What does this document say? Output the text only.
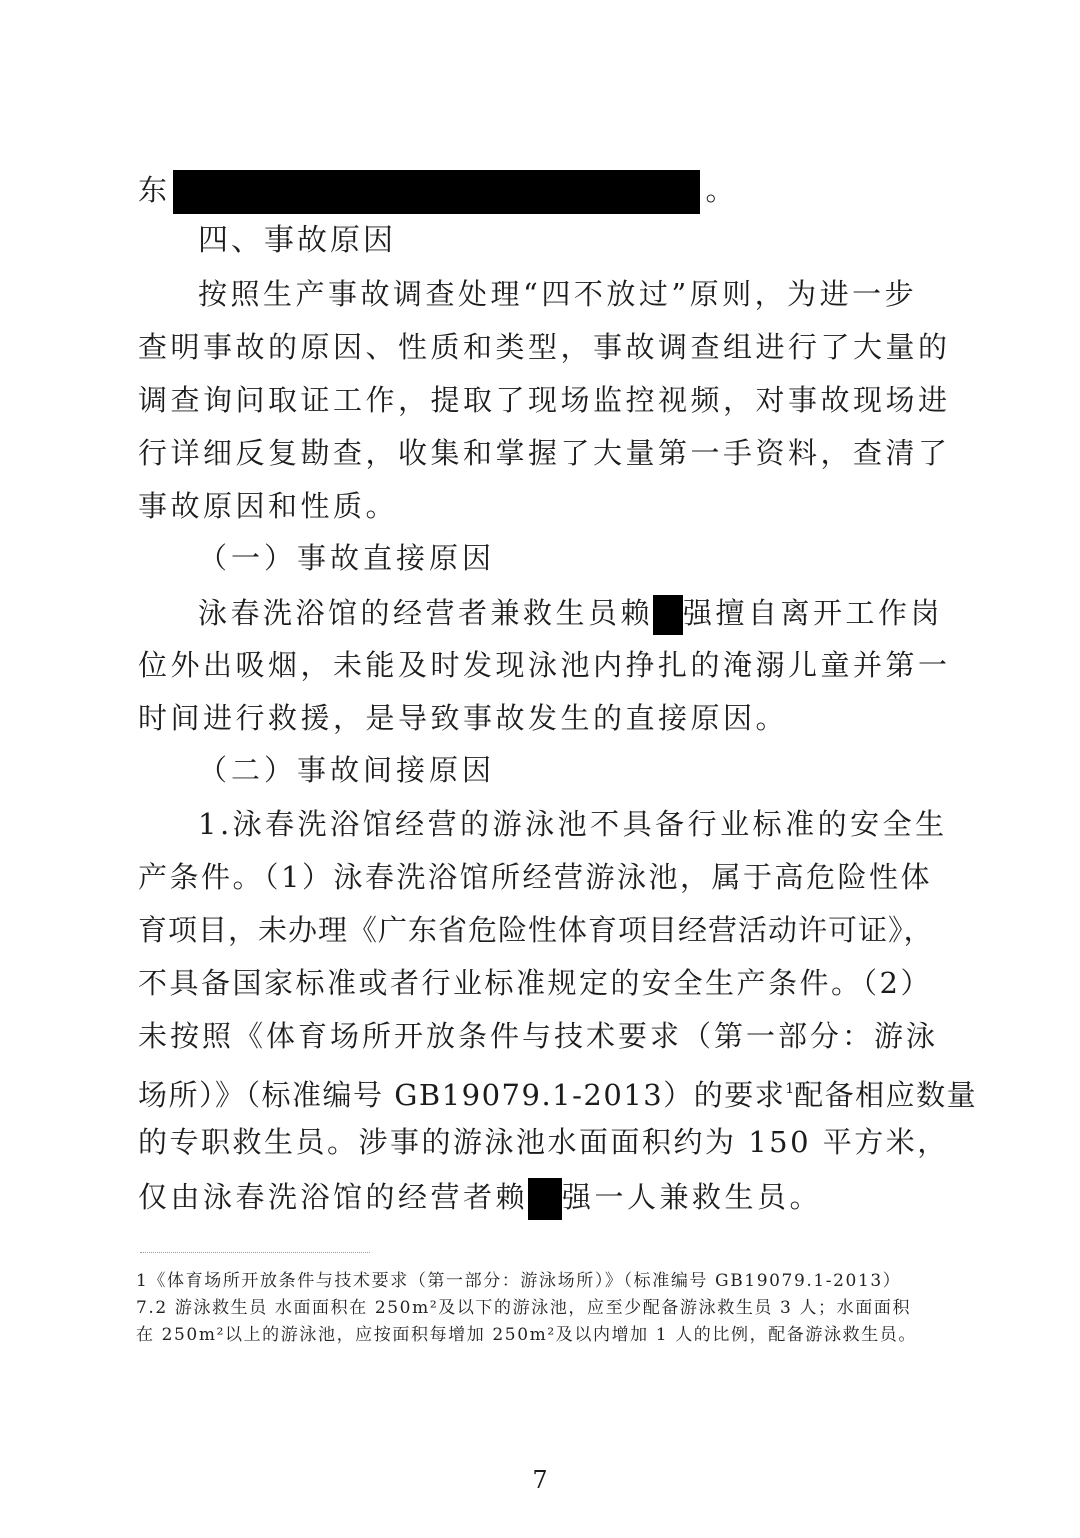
东	。
四、事故原因
按照生产事故调查处理“四不放过”原则，为进一步
查明事故的原因、性质和类型，事故调查组进行了大量的
调查询问取证工作，提取了现场监控视频，对事故现场进
行详细反复勘查，收集和掌握了大量第一手资料，查清了
事故原因和性质。
（一）事故直接原因
泳春洗浴馆的经营者兼救生员赖 强擅自离开工作岗
位外出吸烟，未能及时发现泳池内挣扎的淹溺儿童并第一
时间进行救援，是导致事故发生的直接原因。
（二）事故间接原因
1.泳春洗浴馆经营的游泳池不具备行业标准的安全生
产条件。（1）泳春洗浴馆所经营游泳池，属于高危险性体
育项目，未办理《广东省危险性体育项目经营活动许可证》，
不具备国家标准或者行业标准规定的安全生产条件。（2）
未按照《体育场所开放条件与技术要求（第一部分：游泳
场所）》（标准编号 GB19079.1-2013）的要求$^1$配备相应数量
的专职救生员。涉事的游泳池水面面积约为 150 平方米，
仅由泳春洗浴馆的经营者赖 强一人兼救生员。
1《体育场所开放条件与技术要求（第一部分：游泳场所）》（标准编号 GB19079.1-2013）
7.2 游泳救生员 水面面积在 250m²及以下的游泳池，应至少配备游泳救生员 3 人；水面面积
在 250m²以上的游泳池，应按面积每增加 250m²及以内增加 1 人的比例，配备游泳救生员。
7
